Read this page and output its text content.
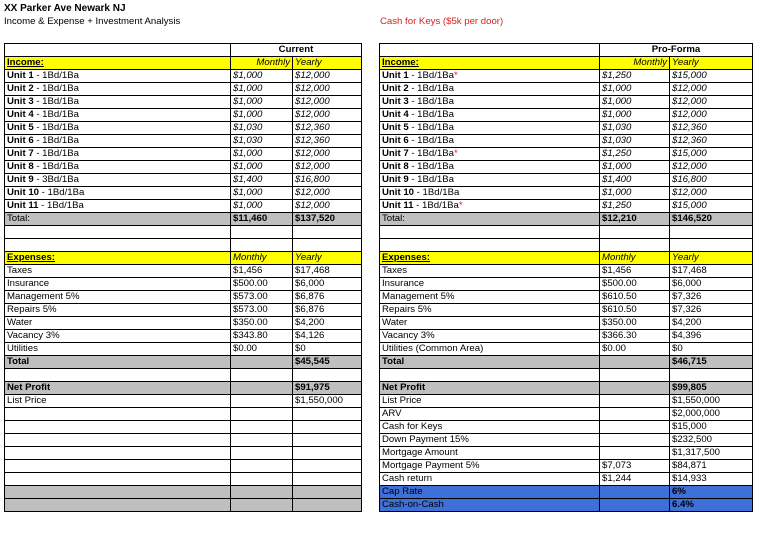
XX Parker Ave Newark NJ
Income & Expense + Investment Analysis	Cash for Keys ($5k per door)
	Current	
Income:	Monthly	Yearly
Unit 1 - 1Bd/1Ba	$1,000	$12,000
Unit 2 - 1Bd/1Ba	$1,000	$12,000
Unit 3 - 1Bd/1Ba	$1,000	$12,000
Unit 4 - 1Bd/1Ba	$1,000	$12,000
Unit 5 - 1Bd/1Ba	$1,030	$12,360
Unit 6 - 1Bd/1Ba	$1,030	$12,360
Unit 7 - 1Bd/1Ba	$1,000	$12,000
Unit 8 - 1Bd/1Ba	$1,000	$12,000
Unit 9 - 3Bd/1Ba	$1,400	$16,800
Unit 10 - 1Bd/1Ba	$1,000	$12,000
Unit 11 - 1Bd/1Ba	$1,000	$12,000
Total:	$11,460	$137,520

Expenses:	Monthly	Yearly
Taxes	$1,456	$17,468
Insurance	$500.00	$6,000
Management 5%	$573.00	$6,876
Repairs 5%	$573.00	$6,876
Water	$350.00	$4,200
Vacancy 3%	$343.80	$4,126
Utilities	$0.00	$0
Total		$45,545

Net Profit		$91,975
List Price		$1,550,000

	Pro-Forma	
Income:	Monthly	Yearly
Unit 1 - 1Bd/1Ba*	$1,250	$15,000
Unit 2 - 1Bd/1Ba	$1,000	$12,000
Unit 3 - 1Bd/1Ba	$1,000	$12,000
Unit 4 - 1Bd/1Ba	$1,000	$12,000
Unit 5 - 1Bd/1Ba	$1,030	$12,360
Unit 6 - 1Bd/1Ba	$1,030	$12,360
Unit 7 - 1Bd/1Ba*	$1,250	$15,000
Unit 8 - 1Bd/1Ba	$1,000	$12,000
Unit 9 - 1Bd/1Ba	$1,400	$16,800
Unit 10 - 1Bd/1Ba	$1,000	$12,000
Unit 11 - 1Bd/1Ba*	$1,250	$15,000
Total:	$12,210	$146,520

Expenses:	Monthly	Yearly
Taxes	$1,456	$17,468
Insurance	$500.00	$6,000
Management 5%	$610.50	$7,326
Repairs 5%	$610.50	$7,326
Water	$350.00	$4,200
Vacancy 3%	$366.30	$4,396
Utilities (Common Area)	$0.00	$0
Total		$46,715

Net Profit		$99,805
List Price		$1,550,000
ARV		$2,000,000
Cash for Keys		$15,000
Down Payment 15%		$232,500
Mortgage Amount		$1,317,500
Mortgage Payment 5%	$7,073	$84,871
Cash return	$1,244	$14,933
Cap Rate		6%
Cash-on-Cash		6.4%
